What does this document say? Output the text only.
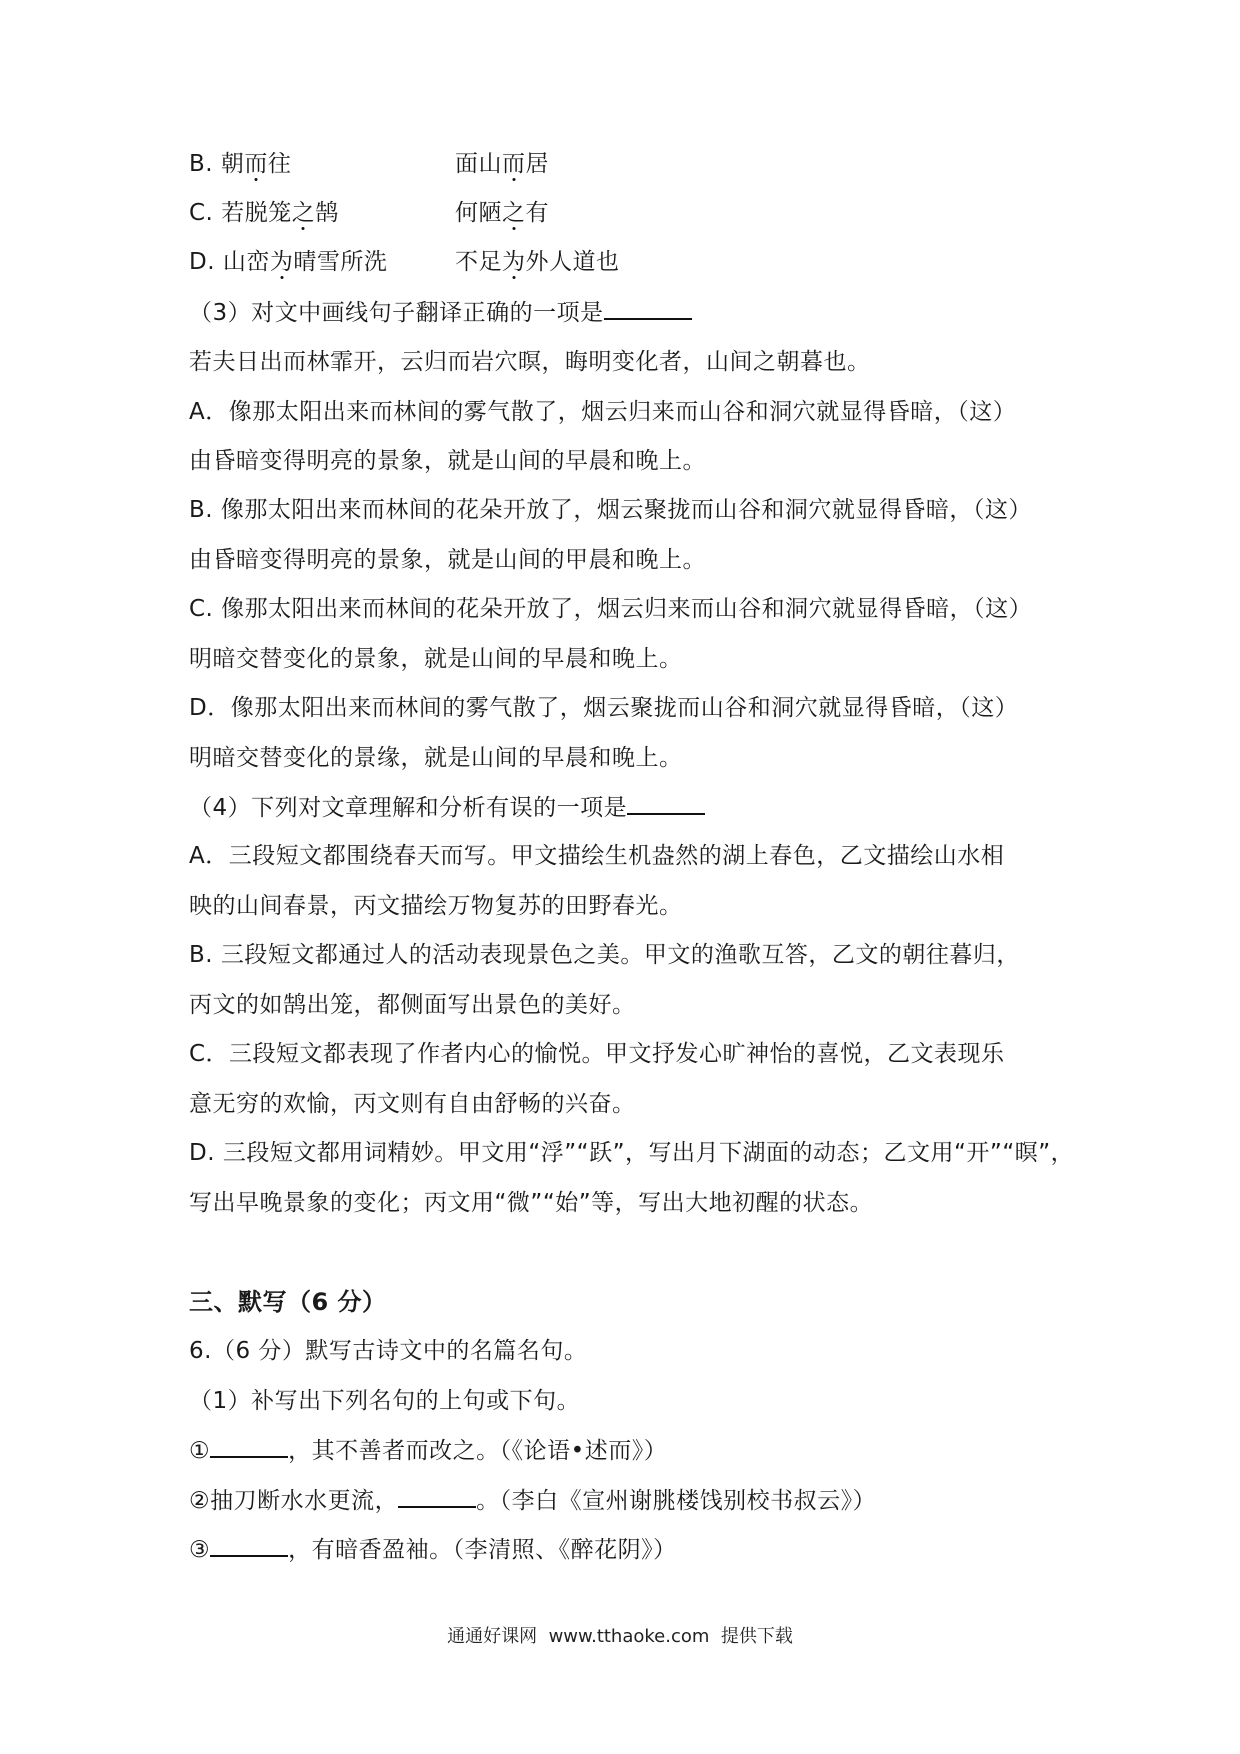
B. 朝而往	面山而居

C. 若脱笼之鹄	何陋之有

D. 山峦为晴雪所洗	不足为外人道也

（3）对文中画线句子翻译正确的一项是

若夫日出而林霏开，云归而岩穴暝，晦明变化者，山间之朝暮也。

A．像那太阳出来而林间的雾气散了，烟云归来而山谷和洞穴就显得昏暗，（这）

由昏暗变得明亮的景象，就是山间的早晨和晚上。

B. 像那太阳出来而林间的花朵开放了，烟云聚拢而山谷和洞穴就显得昏暗，（这）

由昏暗变得明亮的景象，就是山间的甲晨和晚上。

C. 像那太阳出来而林间的花朵开放了，烟云归来而山谷和洞穴就显得昏暗，（这）

明暗交替变化的景象，就是山间的早晨和晚上。

D．像那太阳出来而林间的雾气散了，烟云聚拢而山谷和洞穴就显得昏暗，（这）

明暗交替变化的景缘，就是山间的早晨和晚上。

（4）下列对文章理解和分析有误的一项是

A．三段短文都围绕春天而写。甲文描绘生机盎然的湖上春色，乙文描绘山水相

映的山间春景，丙文描绘万物复苏的田野春光。

B. 三段短文都通过人的活动表现景色之美。甲文的渔歌互答，乙文的朝往暮归，

丙文的如鹄出笼，都侧面写出景色的美好。

C．三段短文都表现了作者内心的愉悦。甲文抒发心旷神怡的喜悦，乙文表现乐

意无穷的欢愉，丙文则有自由舒畅的兴奋。

D. 三段短文都用词精妙。甲文用“浮”“跃”，写出月下湖面的动态；乙文用“开”“暝”，

写出早晚景象的变化；丙文用“微”“始”等，写出大地初醒的状态。

三、默写（6 分）

6.（6 分）默写古诗文中的名篇名句。

（1）补写出下列名句的上句或下句。

①	，其不善者而改之。（《论语•述而》）

②抽刀断水水更流，	。（李白《宣州谢朓楼饯别校书叔云》）

③	，有暗香盈袖。（李清照、《醉花阴》）

通通好课网  www.tthaoke.com  提供下载
